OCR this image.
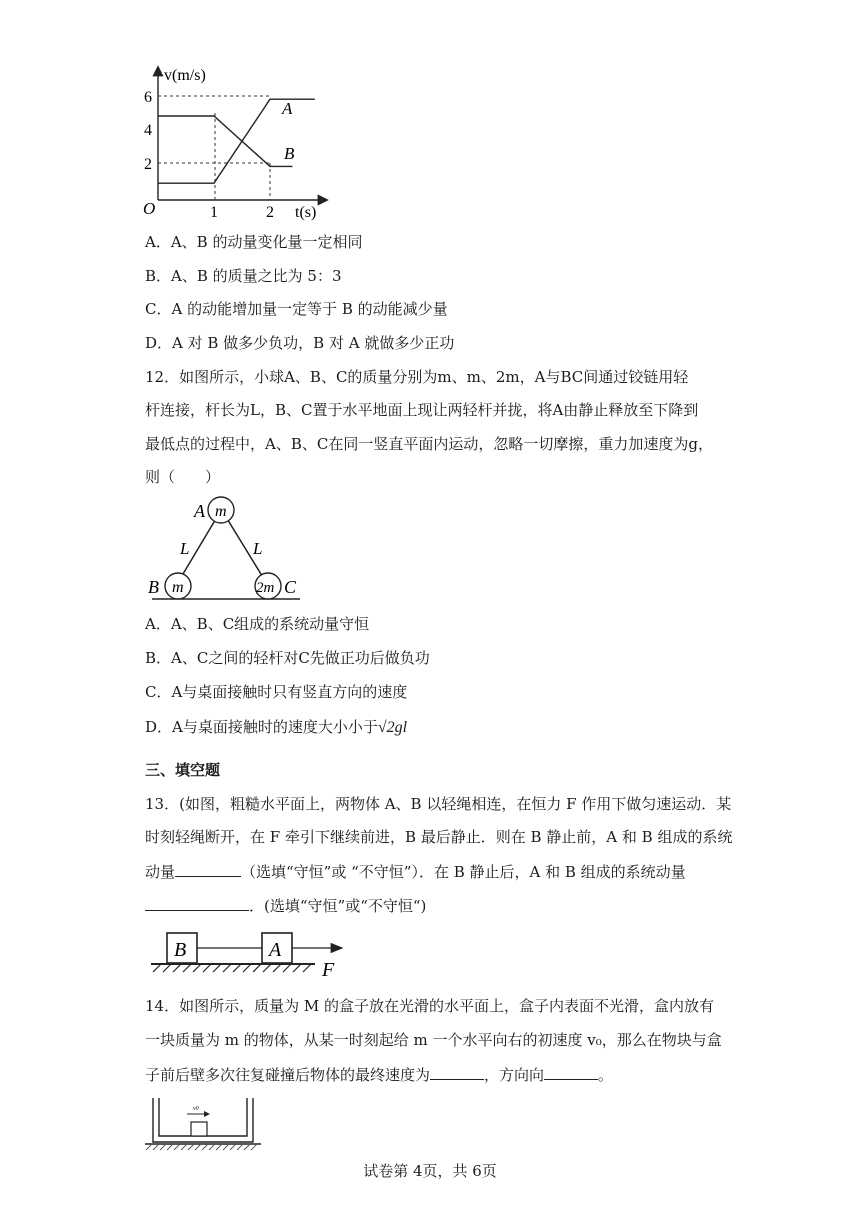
v(m/s)
t(s)
O
6
4
2
1	2
A
B
A．A、B 的动量变化量一定相同
B．A、B 的质量之比为 5：3
C．A 的动能增加量一定等于 B 的动能减少量
D．A 对 B 做多少负功，B 对 A 就做多少正功
12．如图所示，小球A、B、C的质量分别为m、m、2m，A与BC间通过铰链用轻
杆连接，杆长为L，B、C置于水平地面上现让两轻杆并拢，将A由静止释放至下降到
最低点的过程中，A、B、C在同一竖直平面内运动，忽略一切摩擦，重力加速度为g，
则（　　）
m
m	2m
A
B	C
L	L
A．A、B、C组成的系统动量守恒
B．A、C之间的轻杆对C先做正功后做负功
C．A与桌面接触时只有竖直方向的速度
D．A与桌面接触时的速度大小小于√2gl
三、填空题
13．(如图，粗糙水平面上，两物体 A、B 以轻绳相连，在恒力 F 作用下做匀速运动．某
时刻轻绳断开，在 F 牵引下继续前进，B 最后静止．则在 B 静止前，A 和 B 组成的系统
动量	（选填“守恒”或 “不守恒”）．在 B 静止后，A 和 B 组成的系统动量
．(选填“守恒”或“不守恒“)
B	A
F
14．如图所示，质量为 M 的盒子放在光滑的水平面上，盒子内表面不光滑，盒内放有
一块质量为 m 的物体，从某一时刻起给 m 一个水平向右的初速度 v₀，那么在物块与盒
子前后壁多次往复碰撞后物体的最终速度为	，方向向	。
v0
试卷第 4页，共 6页
